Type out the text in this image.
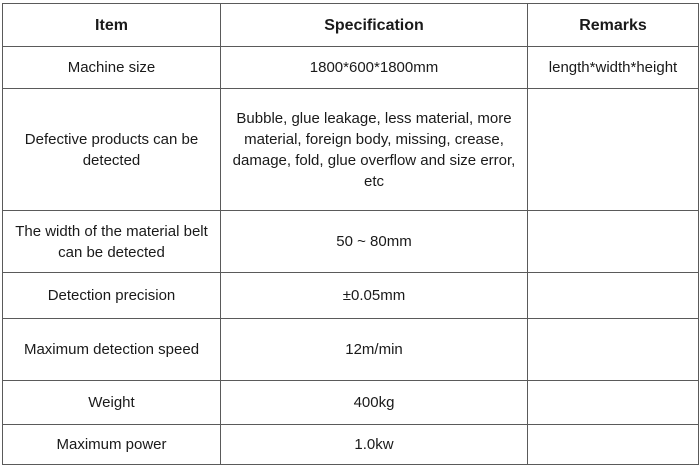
Item	Specification	Remarks
Machine size	1800*600*1800mm	length*width*height
Defective products can be detected	Bubble, glue leakage, less material, more material, foreign body, missing, crease, damage, fold, glue overflow and size error, etc	
The width of the material belt can be detected	50 ~ 80mm	
Detection precision	±0.05mm	
Maximum detection speed	12m/min	
Weight	400kg	
Maximum power	1.0kw	
